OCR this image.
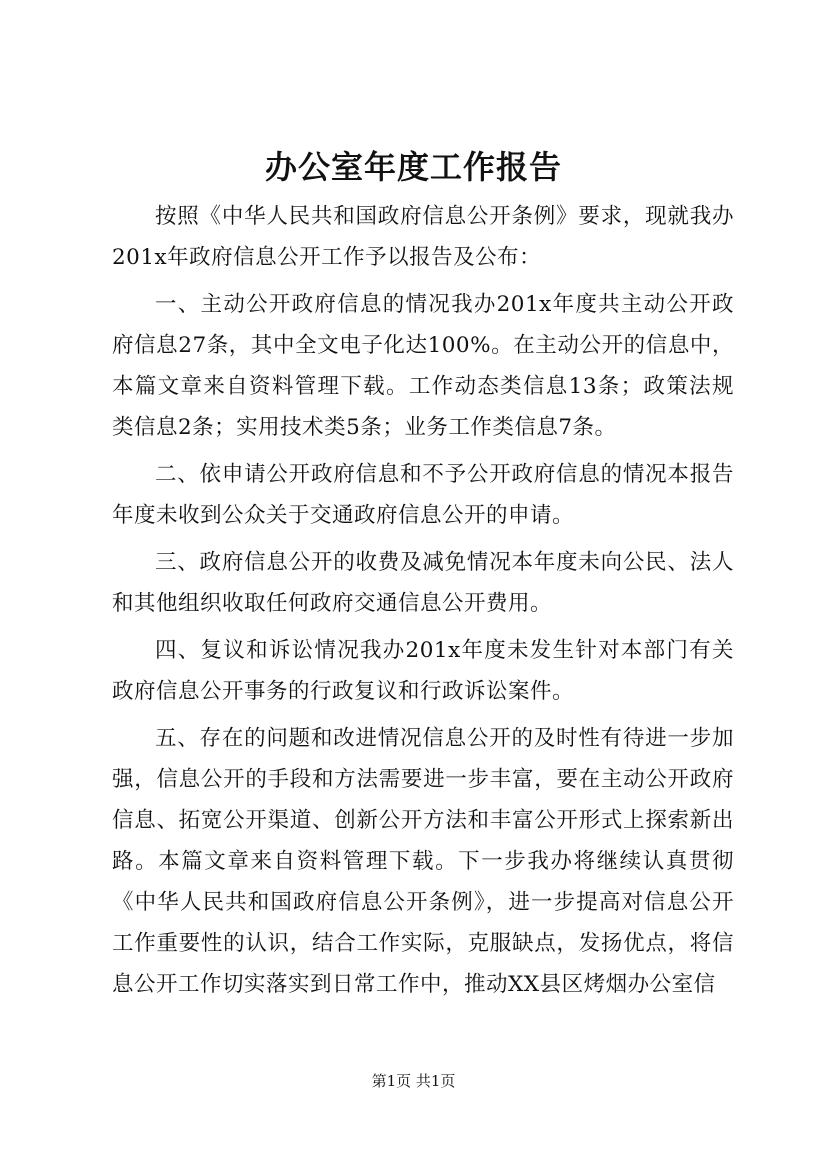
办公室年度工作报告

按照《中华人民共和国政府信息公开条例》要求，现就我办201x年政府信息公开工作予以报告及公布：

一、主动公开政府信息的情况我办201x年度共主动公开政府信息27条，其中全文电子化达100%。在主动公开的信息中，本篇文章来自资料管理下载。工作动态类信息13条；政策法规类信息2条；实用技术类5条；业务工作类信息7条。

二、依申请公开政府信息和不予公开政府信息的情况本报告年度未收到公众关于交通政府信息公开的申请。

三、政府信息公开的收费及减免情况本年度未向公民、法人和其他组织收取任何政府交通信息公开费用。

四、复议和诉讼情况我办201x年度未发生针对本部门有关政府信息公开事务的行政复议和行政诉讼案件。

五、存在的问题和改进情况信息公开的及时性有待进一步加强，信息公开的手段和方法需要进一步丰富，要在主动公开政府信息、拓宽公开渠道、创新公开方法和丰富公开形式上探索新出路。本篇文章来自资料管理下载。下一步我办将继续认真贯彻《中华人民共和国政府信息公开条例》，进一步提高对信息公开工作重要性的认识，结合工作实际，克服缺点，发扬优点，将信息公开工作切实落实到日常工作中，推动XX县区烤烟办公室信

第1页 共1页
